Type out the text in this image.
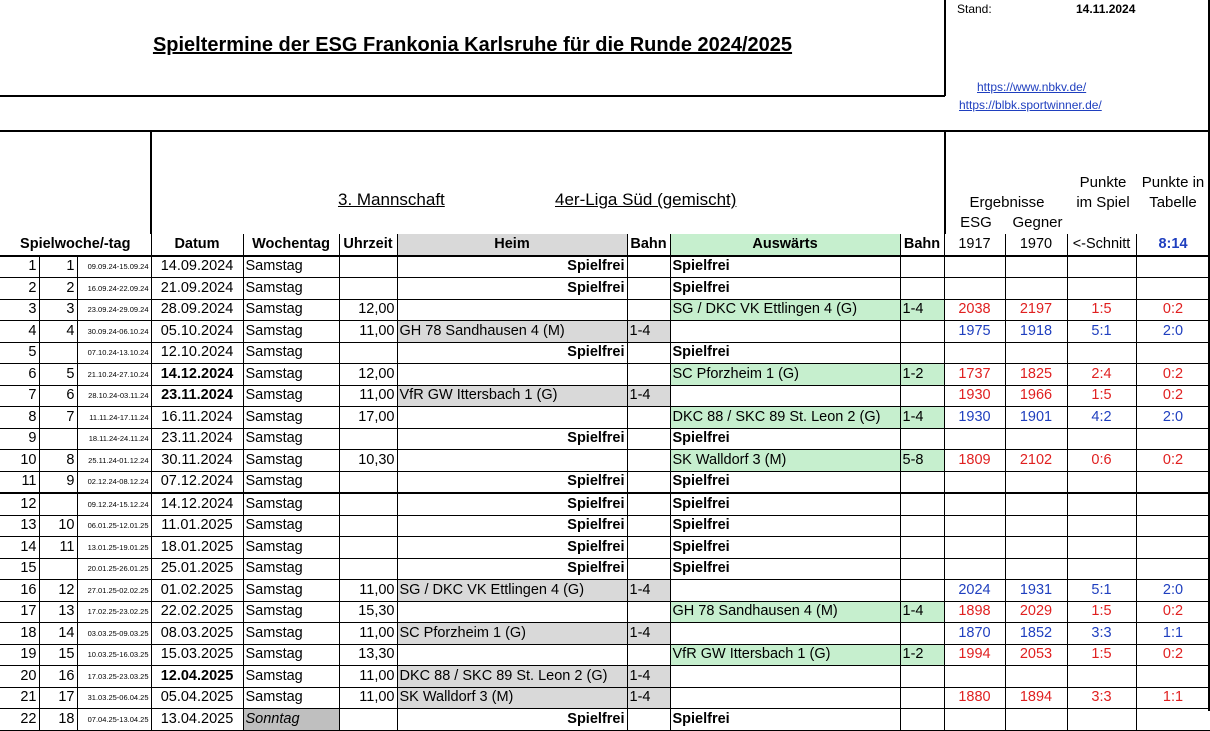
Spieltermine der ESG Frankonia Karlsruhe für die Runde 2024/2025
Stand:	14.11.2024
https://www.nbkv.de/
https://blbk.sportwinner.de/
3. Mannschaft	4er-Liga Süd (gemischt)	Ergebnisse
ESG	Gegner
Punkte
im Spiel
Punkte in
Tabelle
Spielwoche/-tag			Datum	Wochentag	Uhrzeit	Heim	Bahn	Auswärts	Bahn	1917	1970	<-Schnitt	8:14
1	1	09.09.24-15.09.24	14.09.2024	Samstag		Spielfrei		Spielfrei					
2	2	16.09.24-22.09.24	21.09.2024	Samstag		Spielfrei		Spielfrei					
3	3	23.09.24-29.09.24	28.09.2024	Samstag	12,00			SG / DKC VK Ettlingen 4 (G)	1-4	2038	2197	1:5	0:2
4	4	30.09.24-06.10.24	05.10.2024	Samstag	11,00	GH 78 Sandhausen 4 (M)	1-4			1975	1918	5:1	2:0
5		07.10.24-13.10.24	12.10.2024	Samstag		Spielfrei		Spielfrei					
6	5	21.10.24-27.10.24	14.12.2024	Samstag	12,00			SC Pforzheim 1 (G)	1-2	1737	1825	2:4	0:2
7	6	28.10.24-03.11.24	23.11.2024	Samstag	11,00	VfR GW Ittersbach 1 (G)	1-4			1930	1966	1:5	0:2
8	7	11.11.24-17.11.24	16.11.2024	Samstag	17,00			DKC 88 / SKC 89 St. Leon 2 (G)	1-4	1930	1901	4:2	2:0
9		18.11.24-24.11.24	23.11.2024	Samstag		Spielfrei		Spielfrei					
10	8	25.11.24-01.12.24	30.11.2024	Samstag	10,30			SK Walldorf 3 (M)	5-8	1809	2102	0:6	0:2
11	9	02.12.24-08.12.24	07.12.2024	Samstag		Spielfrei		Spielfrei					
12		09.12.24-15.12.24	14.12.2024	Samstag		Spielfrei		Spielfrei					
13	10	06.01.25-12.01.25	11.01.2025	Samstag		Spielfrei		Spielfrei					
14	11	13.01.25-19.01.25	18.01.2025	Samstag		Spielfrei		Spielfrei					
15		20.01.25-26.01.25	25.01.2025	Samstag		Spielfrei		Spielfrei					
16	12	27.01.25-02.02.25	01.02.2025	Samstag	11,00	SG / DKC VK Ettlingen 4 (G)	1-4			2024	1931	5:1	2:0
17	13	17.02.25-23.02.25	22.02.2025	Samstag	15,30			GH 78 Sandhausen 4 (M)	1-4	1898	2029	1:5	0:2
18	14	03.03.25-09.03.25	08.03.2025	Samstag	11,00	SC Pforzheim 1 (G)	1-4			1870	1852	3:3	1:1
19	15	10.03.25-16.03.25	15.03.2025	Samstag	13,30			VfR GW Ittersbach 1 (G)	1-2	1994	2053	1:5	0:2
20	16	17.03.25-23.03.25	12.04.2025	Samstag	11,00	DKC 88 / SKC 89 St. Leon 2 (G)	1-4						
21	17	31.03.25-06.04.25	05.04.2025	Samstag	11,00	SK Walldorf 3 (M)	1-4			1880	1894	3:3	1:1
22	18	07.04.25-13.04.25	13.04.2025	Sonntag		Spielfrei		Spielfrei					
